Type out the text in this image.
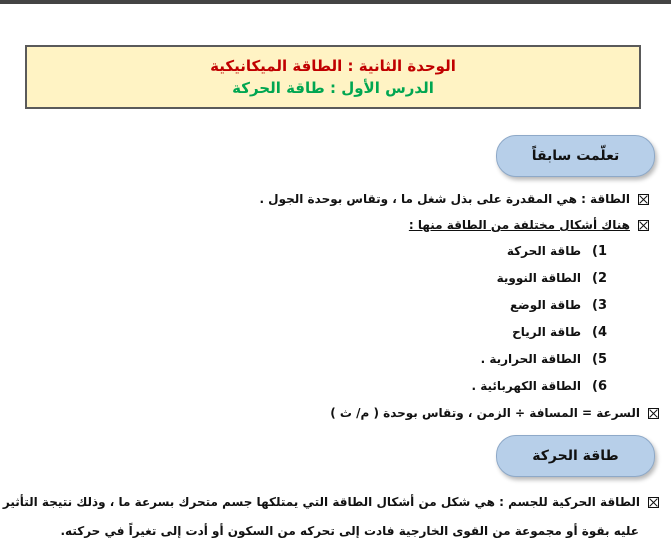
الوحدة الثانية : الطاقة الميكانيكية
الدرس الأول : طاقة الحركة
تعلّمت سابقاً
الطاقة : هي المقدرة على بذل شغل ما ، وتقاس بوحدة الجول .
هناك أشكال مختلفة من الطاقة منها :
1)طاقة الحركة
2)الطاقة النووية
3)طاقة الوضع
4)طاقة الرياح
5)الطاقة الحرارية .
6)الطاقة الكهربائية .
السرعة = المسافة ÷ الزمن ، وتقاس بوحدة ( م/ ث )
طاقة الحركة
الطاقة الحركية للجسم : هي شكل من أشكال الطاقة التي يمتلكها جسم متحرك بسرعة ما ، وذلك نتيجة التأثير
عليه بقوة أو مجموعة من القوى الخارجية فادت إلى تحركه من السكون أو أدت إلى تغيراً في حركته.
